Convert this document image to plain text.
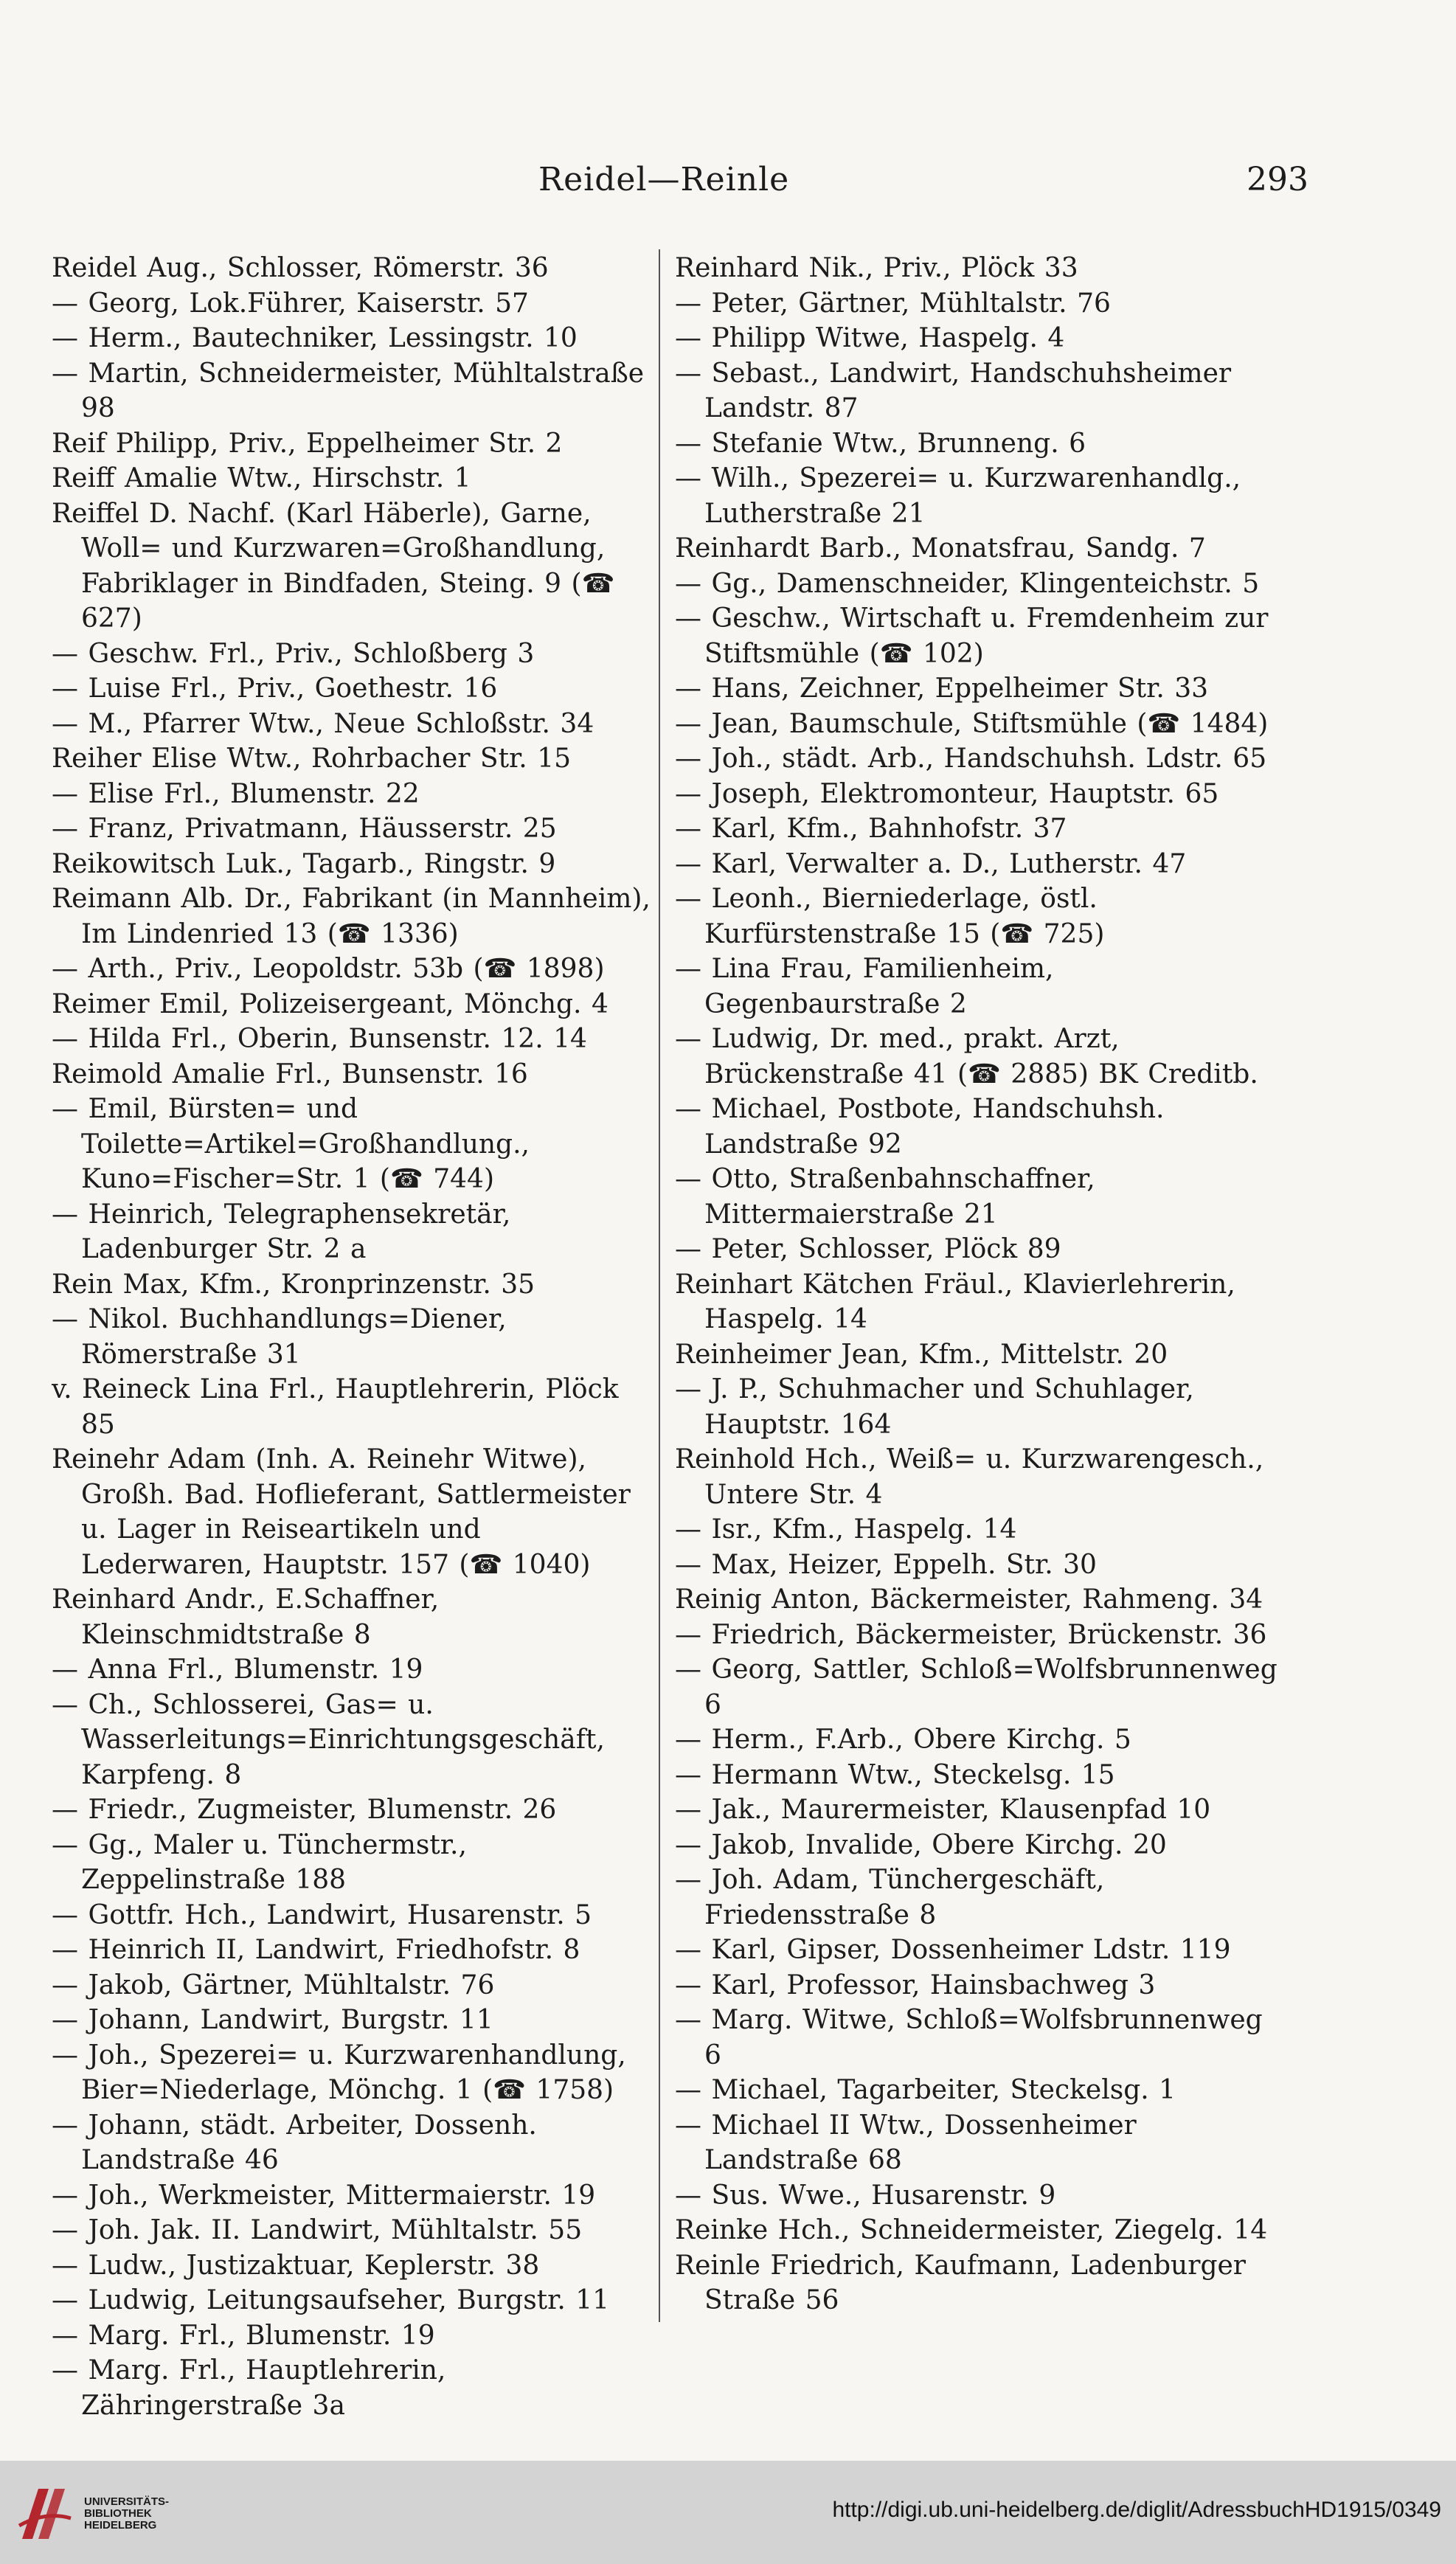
Reidel—Reinle	293
Reidel Aug., Schlosser, Römerstr. 36
— Georg, Lok.Führer, Kaiserstr. 57
— Herm., Bautechniker, Lessingstr. 10
— Martin, Schneidermeister, Mühltalstraße 98
Reif Philipp, Priv., Eppelheimer Str. 2
Reiff Amalie Wtw., Hirschstr. 1
Reiffel D. Nachf. (Karl Häberle), Garne, Woll= und Kurzwaren=Großhandlung, Fabriklager in Bindfaden, Steing. 9 (☎ 627)
— Geschw. Frl., Priv., Schloßberg 3
— Luise Frl., Priv., Goethestr. 16
— M., Pfarrer Wtw., Neue Schloßstr. 34
Reiher Elise Wtw., Rohrbacher Str. 15
— Elise Frl., Blumenstr. 22
— Franz, Privatmann, Häusserstr. 25
Reikowitsch Luk., Tagarb., Ringstr. 9
Reimann Alb. Dr., Fabrikant (in Mannheim), Im Lindenried 13 (☎ 1336)
— Arth., Priv., Leopoldstr. 53b (☎ 1898)
Reimer Emil, Polizeisergeant, Mönchg. 4
— Hilda Frl., Oberin, Bunsenstr. 12. 14
Reimold Amalie Frl., Bunsenstr. 16
— Emil, Bürsten= und Toilette=Artikel=Großhandlung., Kuno=Fischer=Str. 1 (☎ 744)
— Heinrich, Telegraphensekretär, Ladenburger Str. 2 a
Rein Max, Kfm., Kronprinzenstr. 35
— Nikol. Buchhandlungs=Diener, Römerstraße 31
v. Reineck Lina Frl., Hauptlehrerin, Plöck 85
Reinehr Adam (Inh. A. Reinehr Witwe), Großh. Bad. Hoflieferant, Sattlermeister u. Lager in Reiseartikeln und Lederwaren, Hauptstr. 157 (☎ 1040)
Reinhard Andr., E.Schaffner, Kleinschmidtstraße 8
— Anna Frl., Blumenstr. 19
— Ch., Schlosserei, Gas= u. Wasserleitungs=Einrichtungsgeschäft, Karpfeng. 8
— Friedr., Zugmeister, Blumenstr. 26
— Gg., Maler u. Tünchermstr., Zeppelinstraße 188
— Gottfr. Hch., Landwirt, Husarenstr. 5
— Heinrich II, Landwirt, Friedhofstr. 8
— Jakob, Gärtner, Mühltalstr. 76
— Johann, Landwirt, Burgstr. 11
— Joh., Spezerei= u. Kurzwarenhandlung, Bier=Niederlage, Mönchg. 1 (☎ 1758)
— Johann, städt. Arbeiter, Dossenh. Landstraße 46
— Joh., Werkmeister, Mittermaierstr. 19
— Joh. Jak. II. Landwirt, Mühltalstr. 55
— Ludw., Justizaktuar, Keplerstr. 38
— Ludwig, Leitungsaufseher, Burgstr. 11
— Marg. Frl., Blumenstr. 19
— Marg. Frl., Hauptlehrerin, Zähringerstraße 3a
Reinhard Nik., Priv., Plöck 33
— Peter, Gärtner, Mühltalstr. 76
— Philipp Witwe, Haspelg. 4
— Sebast., Landwirt, Handschuhsheimer Landstr. 87
— Stefanie Wtw., Brunneng. 6
— Wilh., Spezerei= u. Kurzwarenhandlg., Lutherstraße 21
Reinhardt Barb., Monatsfrau, Sandg. 7
— Gg., Damenschneider, Klingenteichstr. 5
— Geschw., Wirtschaft u. Fremdenheim zur Stiftsmühle (☎ 102)
— Hans, Zeichner, Eppelheimer Str. 33
— Jean, Baumschule, Stiftsmühle (☎ 1484)
— Joh., städt. Arb., Handschuhsh. Ldstr. 65
— Joseph, Elektromonteur, Hauptstr. 65
— Karl, Kfm., Bahnhofstr. 37
— Karl, Verwalter a. D., Lutherstr. 47
— Leonh., Bierniederlage, östl. Kurfürstenstraße 15 (☎ 725)
— Lina Frau, Familienheim, Gegenbaurstraße 2
— Ludwig, Dr. med., prakt. Arzt, Brückenstraße 41 (☎ 2885) BK Creditb.
— Michael, Postbote, Handschuhsh. Landstraße 92
— Otto, Straßenbahnschaffner, Mittermaierstraße 21
— Peter, Schlosser, Plöck 89
Reinhart Kätchen Fräul., Klavierlehrerin, Haspelg. 14
Reinheimer Jean, Kfm., Mittelstr. 20
— J. P., Schuhmacher und Schuhlager, Hauptstr. 164
Reinhold Hch., Weiß= u. Kurzwarengesch., Untere Str. 4
— Isr., Kfm., Haspelg. 14
— Max, Heizer, Eppelh. Str. 30
Reinig Anton, Bäckermeister, Rahmeng. 34
— Friedrich, Bäckermeister, Brückenstr. 36
— Georg, Sattler, Schloß=Wolfsbrunnenweg 6
— Herm., F.Arb., Obere Kirchg. 5
— Hermann Wtw., Steckelsg. 15
— Jak., Maurermeister, Klausenpfad 10
— Jakob, Invalide, Obere Kirchg. 20
— Joh. Adam, Tünchergeschäft, Friedensstraße 8
— Karl, Gipser, Dossenheimer Ldstr. 119
— Karl, Professor, Hainsbachweg 3
— Marg. Witwe, Schloß=Wolfsbrunnenweg 6
— Michael, Tagarbeiter, Steckelsg. 1
— Michael II Wtw., Dossenheimer Landstraße 68
— Sus. Wwe., Husarenstr. 9
Reinke Hch., Schneidermeister, Ziegelg. 14
Reinle Friedrich, Kaufmann, Ladenburger Straße 56
UNIVERSITÄTS-
BIBLIOTHEK
HEIDELBERG
http://digi.ub.uni-heidelberg.de/diglit/AdressbuchHD1915/0349
